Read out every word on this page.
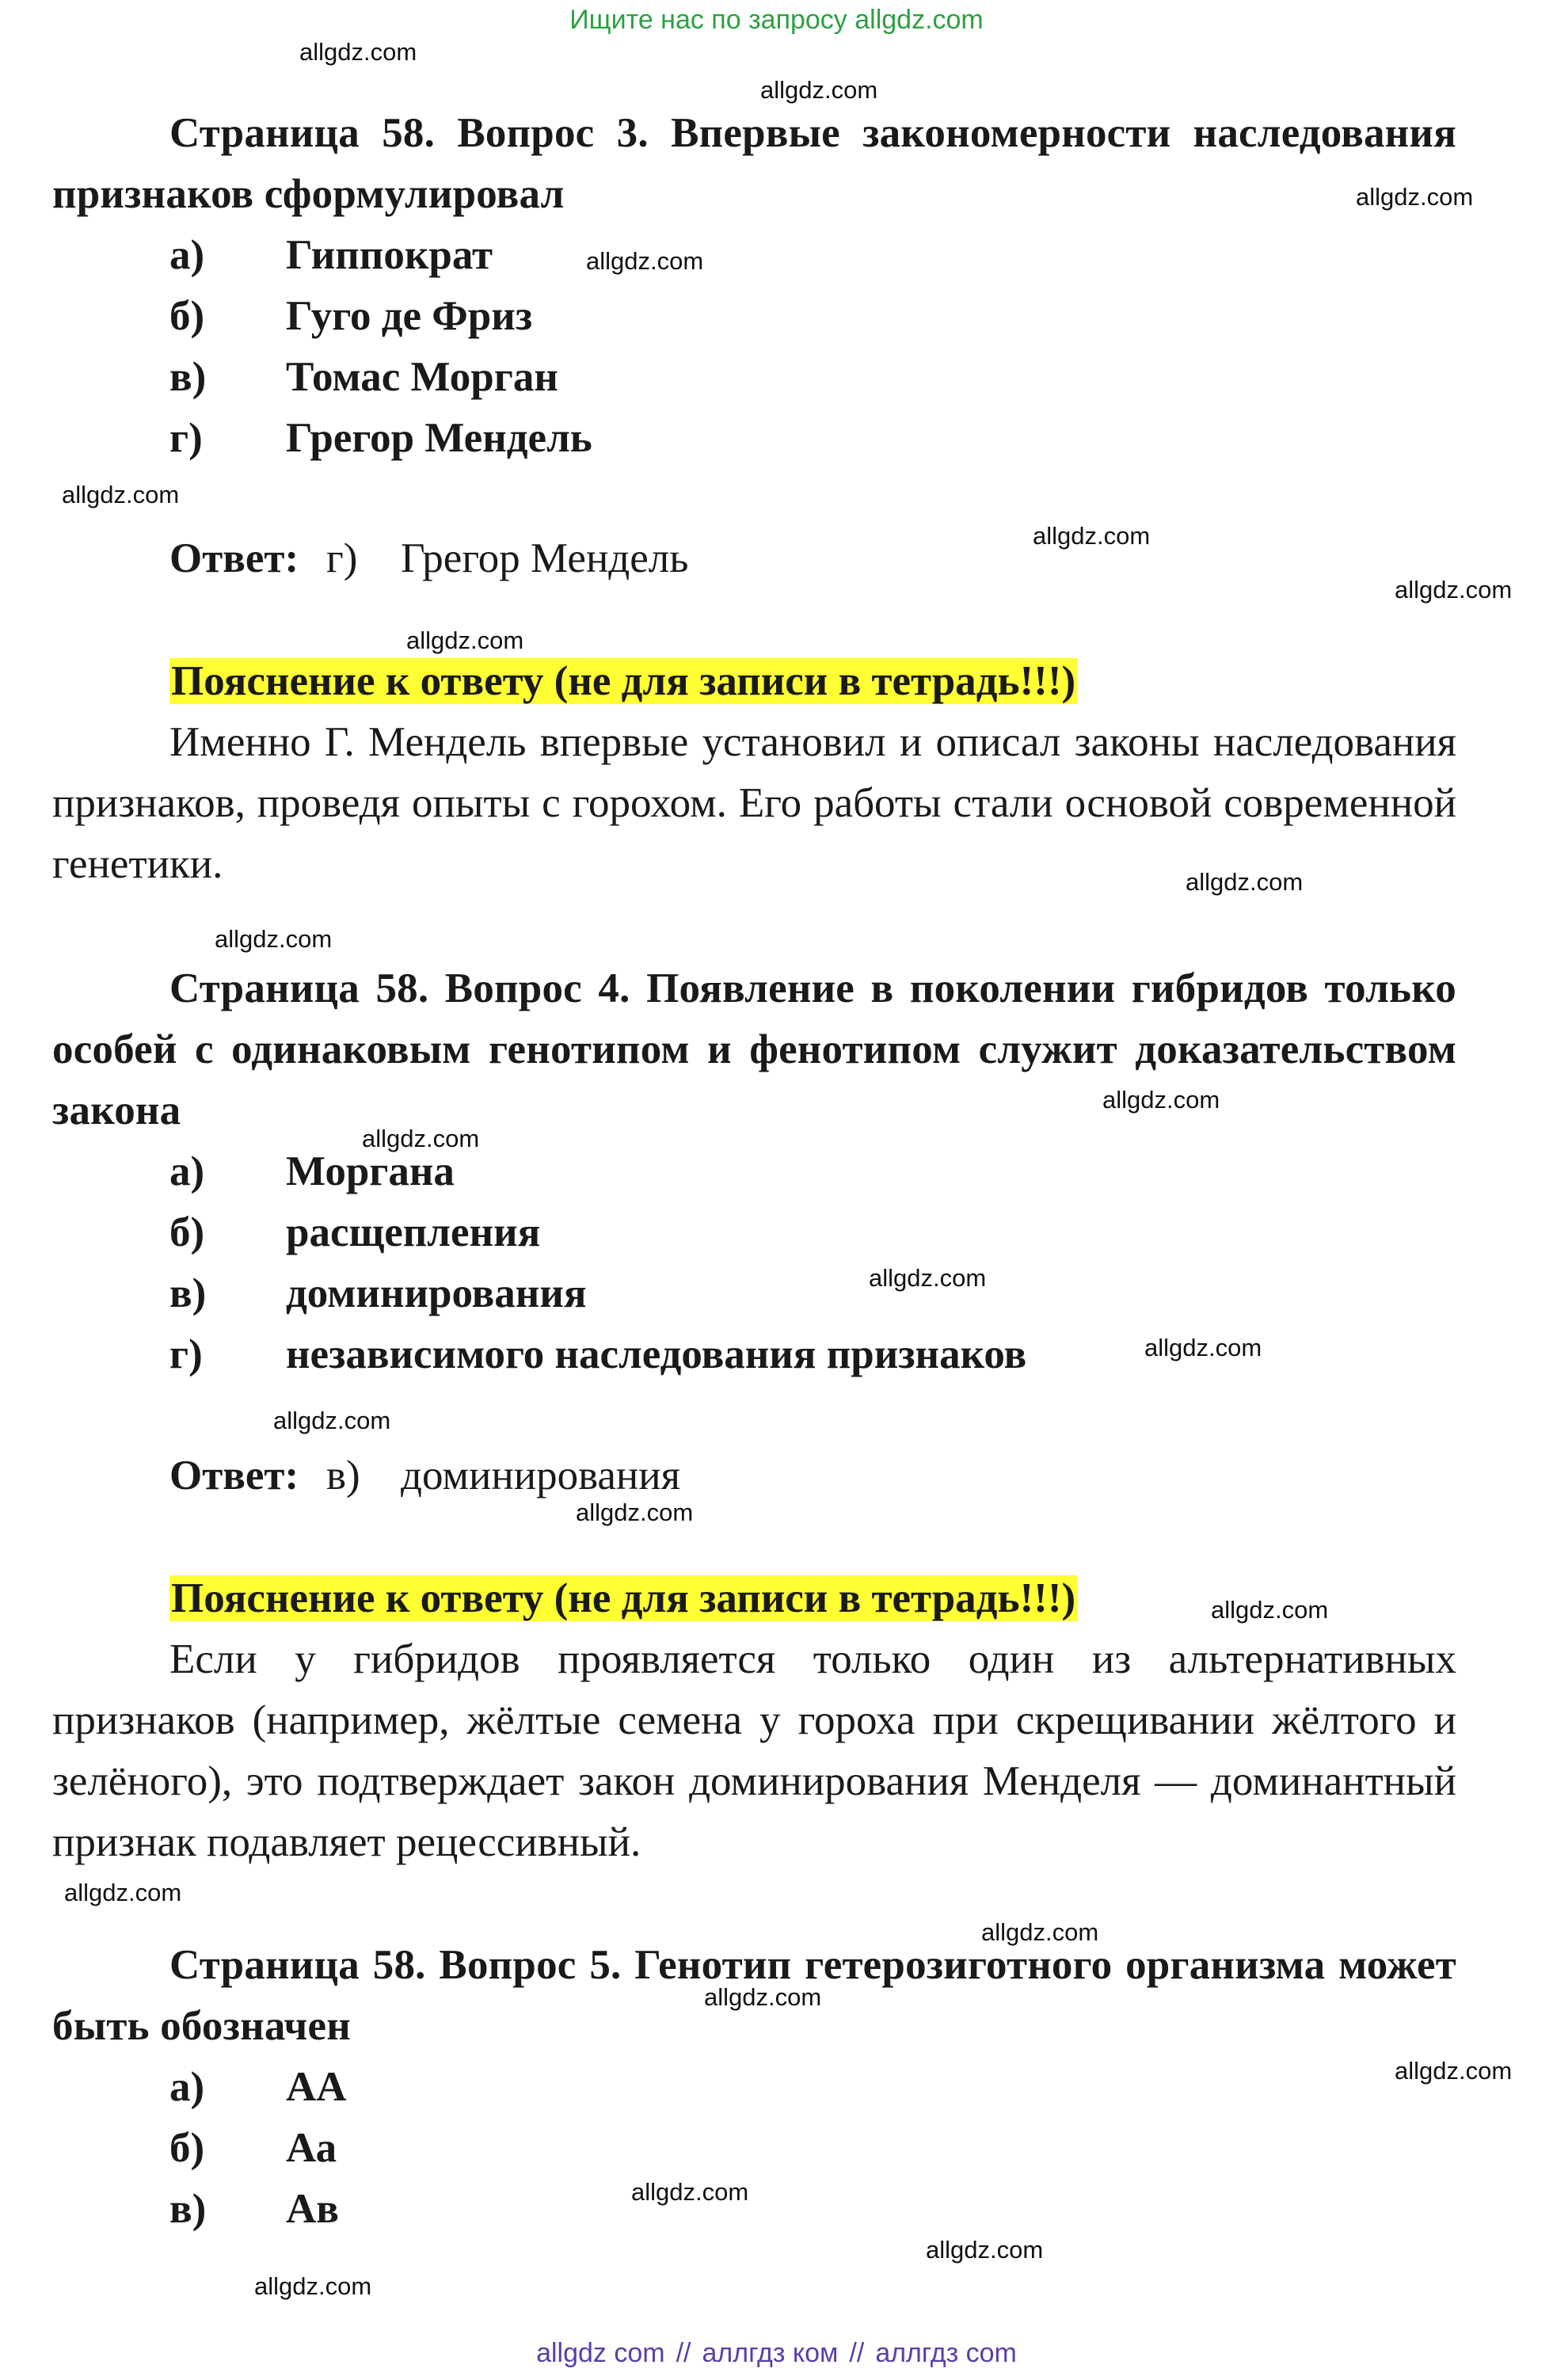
Ищите нас по запросу allgdz.com

Страница 58. Вопрос 3. Впервые закономерности наследования признаков сформулировал

а) Гиппократ
б) Гуго де Фриз
в) Томас Морган
г) Грегор Мендель
Ответ: г) Грегор Мендель

Пояснение к ответу (не для записи в тетрадь!!!)

Именно Г. Мендель впервые установил и описал законы наследования признаков, проведя опыты с горохом. Его работы стали основой современной генетики.

Страница 58. Вопрос 4. Появление в поколении гибридов только особей с одинаковым генотипом и фенотипом служит доказательством закона

а) Моргана
б) расщепления
в) доминирования
г) независимого наследования признаков
Ответ: в) доминирования

Пояснение к ответу (не для записи в тетрадь!!!)

Если у гибридов проявляется только один из альтернативных признаков (например, жёлтые семена у гороха при скрещивании жёлтого и зелёного), это подтверждает закон доминирования Менделя — доминантный признак подавляет рецессивный.

Страница 58. Вопрос 5. Генотип гетерозиготного организма может быть обозначен

а) АА
б) Аа
в) Ав
allgdz.com
allgdz.com
allgdz.com
allgdz.com
allgdz.com
allgdz.com
allgdz.com
allgdz.com
allgdz.com
allgdz.com
allgdz.com
allgdz.com
allgdz.com
allgdz.com
allgdz.com
allgdz.com
allgdz.com
allgdz.com
allgdz.com
allgdz.com
allgdz.com
allgdz.com
allgdz.com
allgdz.com
allgdz com // аллгдз ком // аллгдз com
